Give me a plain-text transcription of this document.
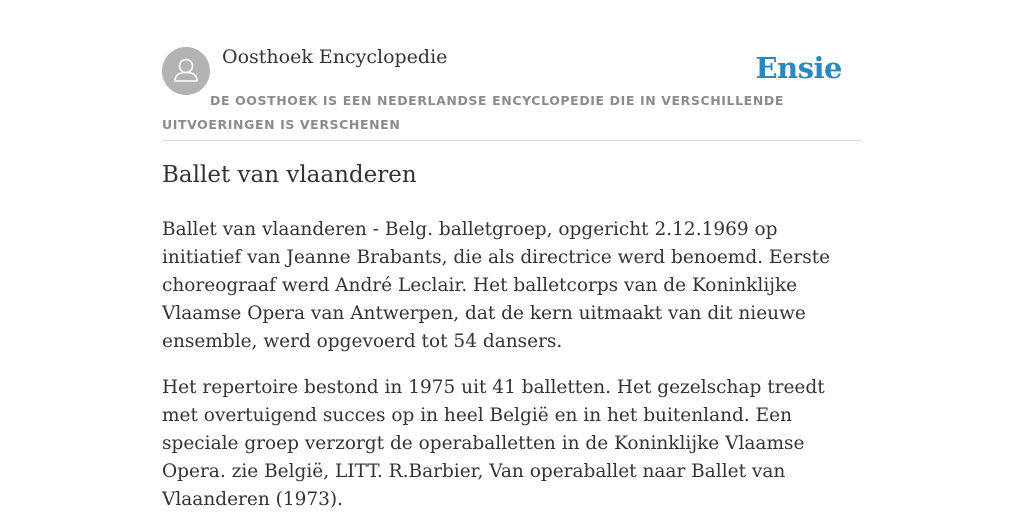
Oosthoek Encyclopedie	Ensie
DE OOSTHOEK IS EEN NEDERLANDSE ENCYCLOPEDIE DIE IN VERSCHILLENDE UITVOERINGEN IS VERSCHENEN
Ballet van vlaanderen

Ballet van vlaanderen - Belg. balletgroep, opgericht 2.12.1969 op initiatief van Jeanne Brabants, die als directrice werd benoemd. Eerste choreograaf werd André Leclair. Het balletcorps van de Koninklijke Vlaamse Opera van Antwerpen, dat de kern uitmaakt van dit nieuwe ensemble, werd opgevoerd tot 54 dansers.

Het repertoire bestond in 1975 uit 41 balletten. Het gezelschap treedt met overtuigend succes op in heel België en in het buitenland. Een speciale groep verzorgt de operaballetten in de Koninklijke Vlaamse Opera. zie België, LITT. R.Barbier, Van operaballet naar Ballet van Vlaanderen (1973).
